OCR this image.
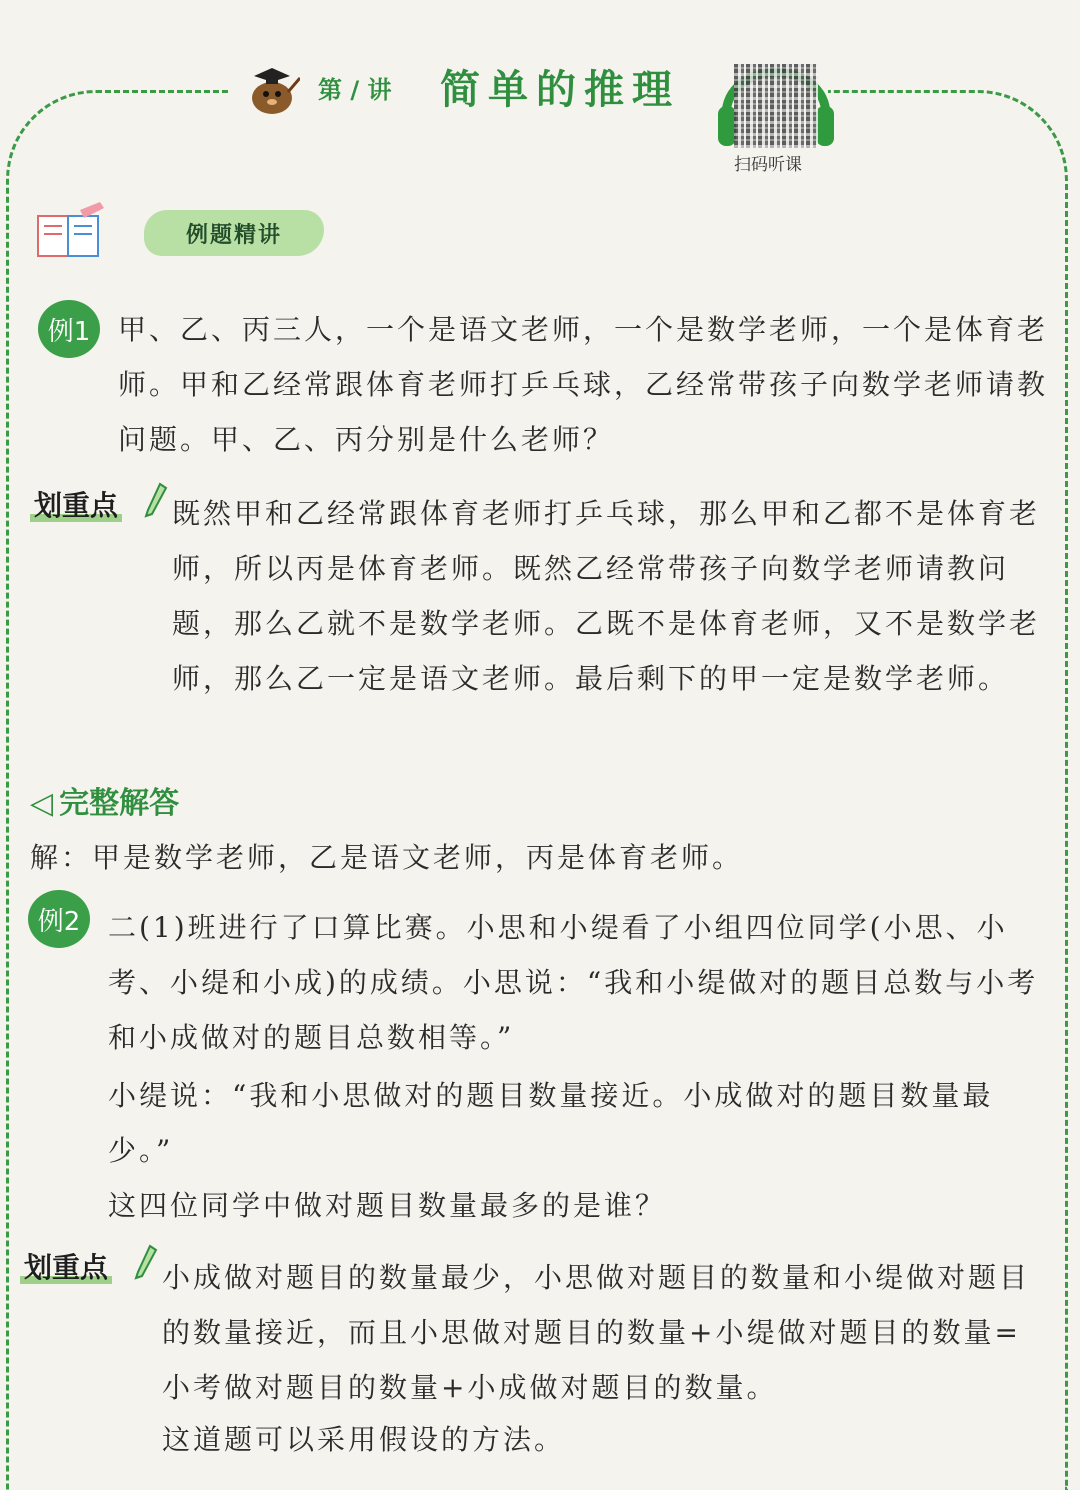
第 / 讲 简单的推理
扫码听课
例题精讲
例1 甲、乙、丙三人，一个是语文老师，一个是数学老师，一个是体育老师。甲和乙经常跟体育老师打乒乓球，乙经常带孩子向数学老师请教问题。甲、乙、丙分别是什么老师？

划重点 既然甲和乙经常跟体育老师打乒乓球，那么甲和乙都不是体育老师，所以丙是体育老师。既然乙经常带孩子向数学老师请教问题，那么乙就不是数学老师。乙既不是体育老师，又不是数学老师，那么乙一定是语文老师。最后剩下的甲一定是数学老师。

◁ 完整解答

解：甲是数学老师，乙是语文老师，丙是体育老师。

例2 二(1)班进行了口算比赛。小思和小缇看了小组四位同学(小思、小考、小缇和小成)的成绩。小思说：“我和小缇做对的题目总数与小考和小成做对的题目总数相等。”

小缇说：“我和小思做对的题目数量接近。小成做对的题目数量最少。”

这四位同学中做对题目数量最多的是谁？

划重点 小成做对题目的数量最少，小思做对题目的数量和小缇做对题目的数量接近，而且小思做对题目的数量+小缇做对题目的数量=小考做对题目的数量+小成做对题目的数量。

这道题可以采用假设的方法。
